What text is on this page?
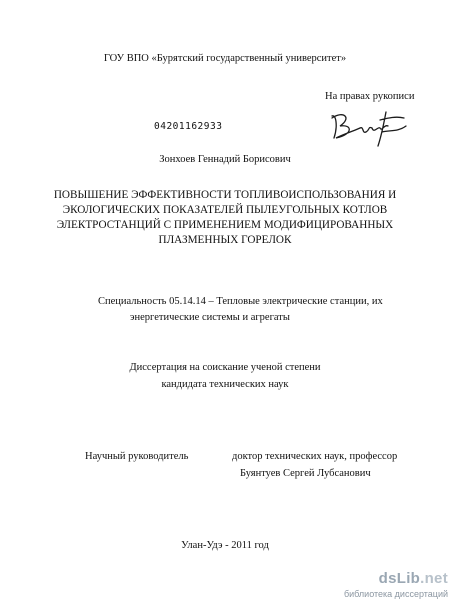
ГОУ ВПО «Бурятский государственный университет»
На правах рукописи
04201162933
Зонхоев Геннадий Борисович
ПОВЫШЕНИЕ ЭФФЕКТИВНОСТИ ТОПЛИВОИСПОЛЬЗОВАНИЯ И
ЭКОЛОГИЧЕСКИХ ПОКАЗАТЕЛЕЙ ПЫЛЕУГОЛЬНЫХ КОТЛОВ
ЭЛЕКТРОСТАНЦИЙ С ПРИМЕНЕНИЕМ МОДИФИЦИРОВАННЫХ
ПЛАЗМЕННЫХ ГОРЕЛОК
Специальность 05.14.14 – Тепловые электрические станции, их
энергетические системы и агрегаты
Диссертация на соискание ученой степени
кандидата технических наук
Научный руководитель	доктор технических наук, профессор
Буянтуев Сергей Лубсанович
Улан-Удэ - 2011 год
dsLib.net
библиотека диссертаций
